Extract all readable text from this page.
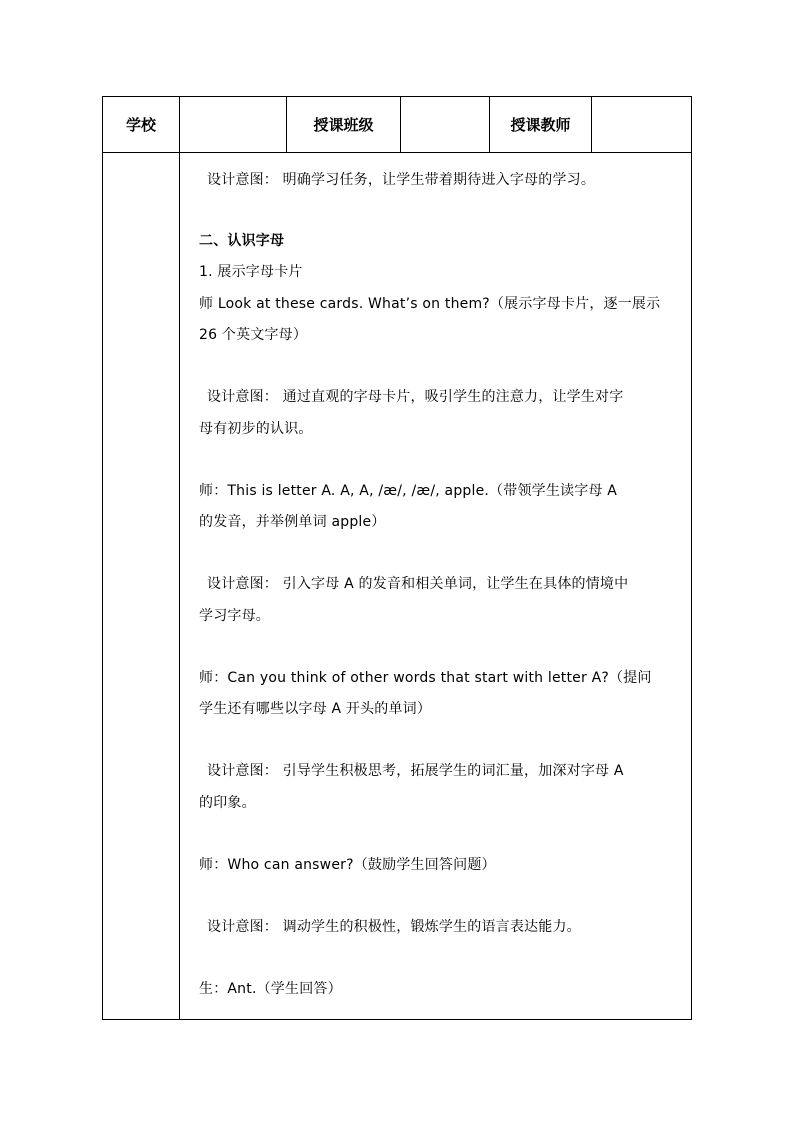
学校	授课班级	授课教师
设计意图： 明确学习任务，让学生带着期待进入字母的学习。
二、认识字母
1. 展示字母卡片
师 Look at these cards. What’s on them?（展示字母卡片，逐一展示
26 个英文字母）
设计意图： 通过直观的字母卡片，吸引学生的注意力，让学生对字
母有初步的认识。
师：This is letter A. A, A, /æ/, /æ/, apple.（带领学生读字母 A
的发音，并举例单词 apple）
设计意图： 引入字母 A 的发音和相关单词，让学生在具体的情境中
学习字母。
师：Can you think of other words that start with letter A?（提问
学生还有哪些以字母 A 开头的单词）
设计意图： 引导学生积极思考，拓展学生的词汇量，加深对字母 A
的印象。
师：Who can answer?（鼓励学生回答问题）
设计意图： 调动学生的积极性，锻炼学生的语言表达能力。
生：Ant.（学生回答）
